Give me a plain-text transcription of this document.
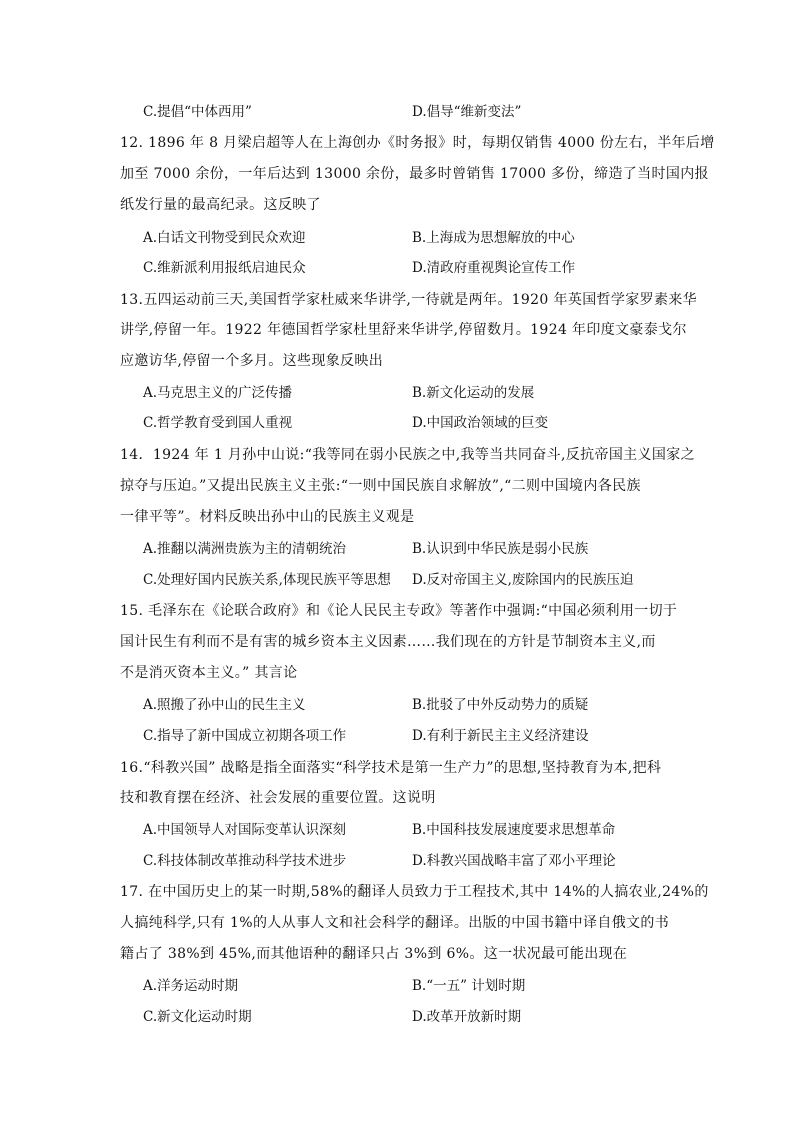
C.提倡“中体西用”	D.倡导“维新变法”
12. 1896 年 8 月梁启超等人在上海创办《时务报》时，每期仅销售 4000 份左右，半年后增
加至 7000 余份，一年后达到 13000 余份，最多时曾销售 17000 多份，缔造了当时国内报
纸发行量的最高纪录。这反映了
A.白话文刊物受到民众欢迎	B.上海成为思想解放的中心
C.维新派利用报纸启迪民众	D.清政府重视舆论宣传工作
13.五四运动前三天,美国哲学家杜威来华讲学,一待就是两年。1920 年英国哲学家罗素来华
讲学,停留一年。1922 年德国哲学家杜里舒来华讲学,停留数月。1924 年印度文豪泰戈尔
应邀访华,停留一个多月。这些现象反映出
A.马克思主义的广泛传播	B.新文化运动的发展
C.哲学教育受到国人重视	D.中国政治领域的巨变
14．1924 年 1 月孙中山说:“我等同在弱小民族之中,我等当共同奋斗,反抗帝国主义国家之
掠夺与压迫。”又提出民族主义主张:“一则中国民族自求解放”,“二则中国境内各民族
一律平等”。材料反映出孙中山的民族主义观是
A.推翻以满洲贵族为主的清朝统治	B.认识到中华民族是弱小民族
C.处理好国内民族关系,体现民族平等思想 D.反对帝国主义,废除国内的民族压迫
15. 毛泽东在《论联合政府》和《论人民民主专政》等著作中强调:“中国必须利用一切于
国计民生有利而不是有害的城乡资本主义因素……我们现在的方针是节制资本主义,而
不是消灭资本主义。” 其言论
A.照搬了孙中山的民生主义	B.批驳了中外反动势力的质疑
C.指导了新中国成立初期各项工作	D.有利于新民主主义经济建设
16.“科教兴国” 战略是指全面落实“科学技术是第一生产力”的思想,坚持教育为本,把科
技和教育摆在经济、社会发展的重要位置。这说明
A.中国领导人对国际变革认识深刻	B.中国科技发展速度要求思想革命
C.科技体制改革推动科学技术进步	D.科教兴国战略丰富了邓小平理论
17. 在中国历史上的某一时期,58%的翻译人员致力于工程技术,其中 14%的人搞农业,24%的
人搞纯科学,只有 1%的人从事人文和社会科学的翻译。出版的中国书籍中译自俄文的书
籍占了 38%到 45%,而其他语种的翻译只占 3%到 6%。这一状况最可能出现在
A.洋务运动时期	B.“一五” 计划时期
C.新文化运动时期	D.改革开放新时期
